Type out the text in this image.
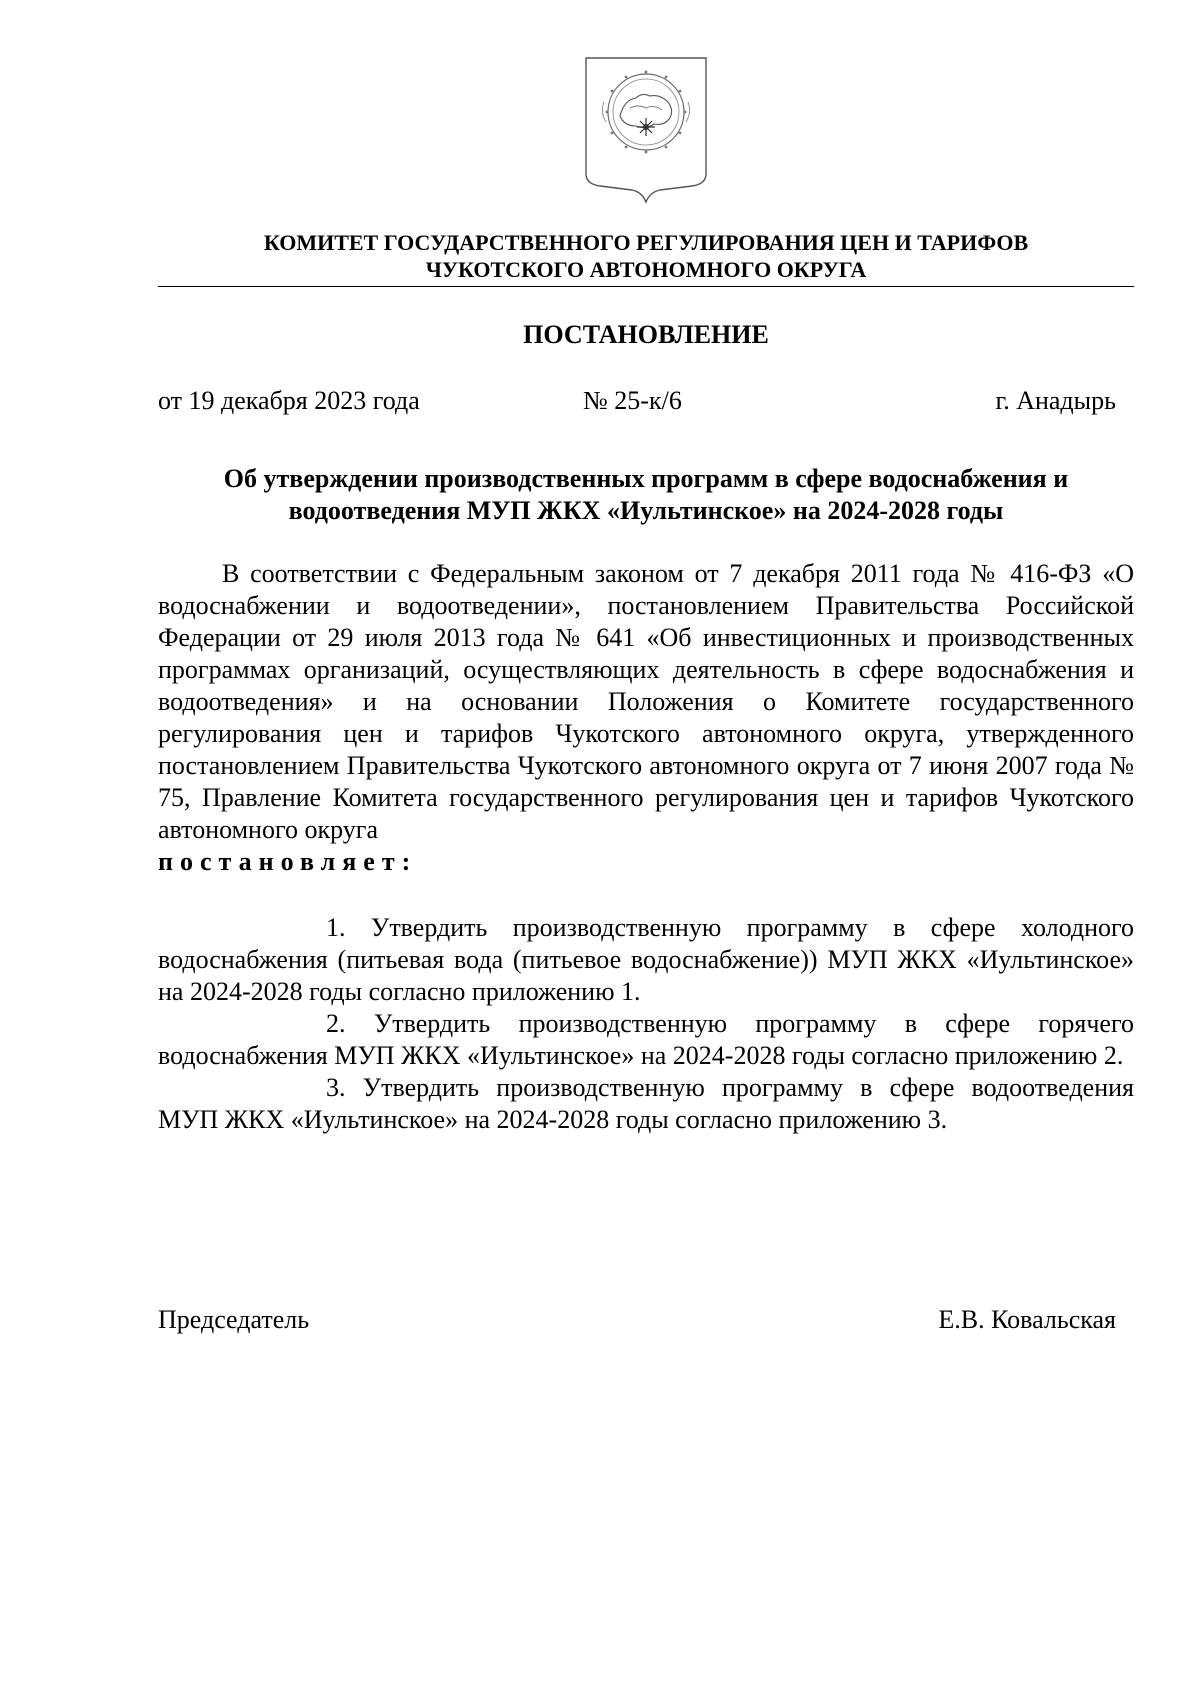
КОМИТЕТ ГОСУДАРСТВЕННОГО РЕГУЛИРОВАНИЯ ЦЕН И ТАРИФОВ
ЧУКОТСКОГО АВТОНОМНОГО ОКРУГА
ПОСТАНОВЛЕНИЕ
от 19 декабря 2023 года	№ 25-к/6	г. Анадырь
Об утверждении производственных программ в сфере водоснабжения и
водоотведения МУП ЖКХ «Иультинское» на 2024-2028 годы

В соответствии с Федеральным законом от 7 декабря 2011 года № 416-ФЗ «О водоснабжении и водоотведении», постановлением Правительства Российской Федерации от 29 июля 2013 года № 641 «Об инвестиционных и производственных программах организаций, осуществляющих деятельность в сфере водоснабжения и водоотведения» и на основании Положения о Комитете государственного регулирования цен и тарифов Чукотского автономного округа, утвержденного постановлением Правительства Чукотского автономного округа от 7 июня 2007 года № 75, Правление Комитета государственного регулирования цен и тарифов Чукотского автономного округа

постановляет:

1. Утвердить производственную программу в сфере холодного водоснабжения (питьевая вода (питьевое водоснабжение)) МУП ЖКХ «Иультинское» на 2024-2028 годы согласно приложению 1.

2. Утвердить производственную программу в сфере горячего водоснабжения МУП ЖКХ «Иультинское» на 2024-2028 годы согласно приложению 2.

3. Утвердить производственную программу в сфере водоотведения МУП ЖКХ «Иультинское» на 2024-2028 годы согласно приложению 3.

Председатель	Е.В. Ковальская
